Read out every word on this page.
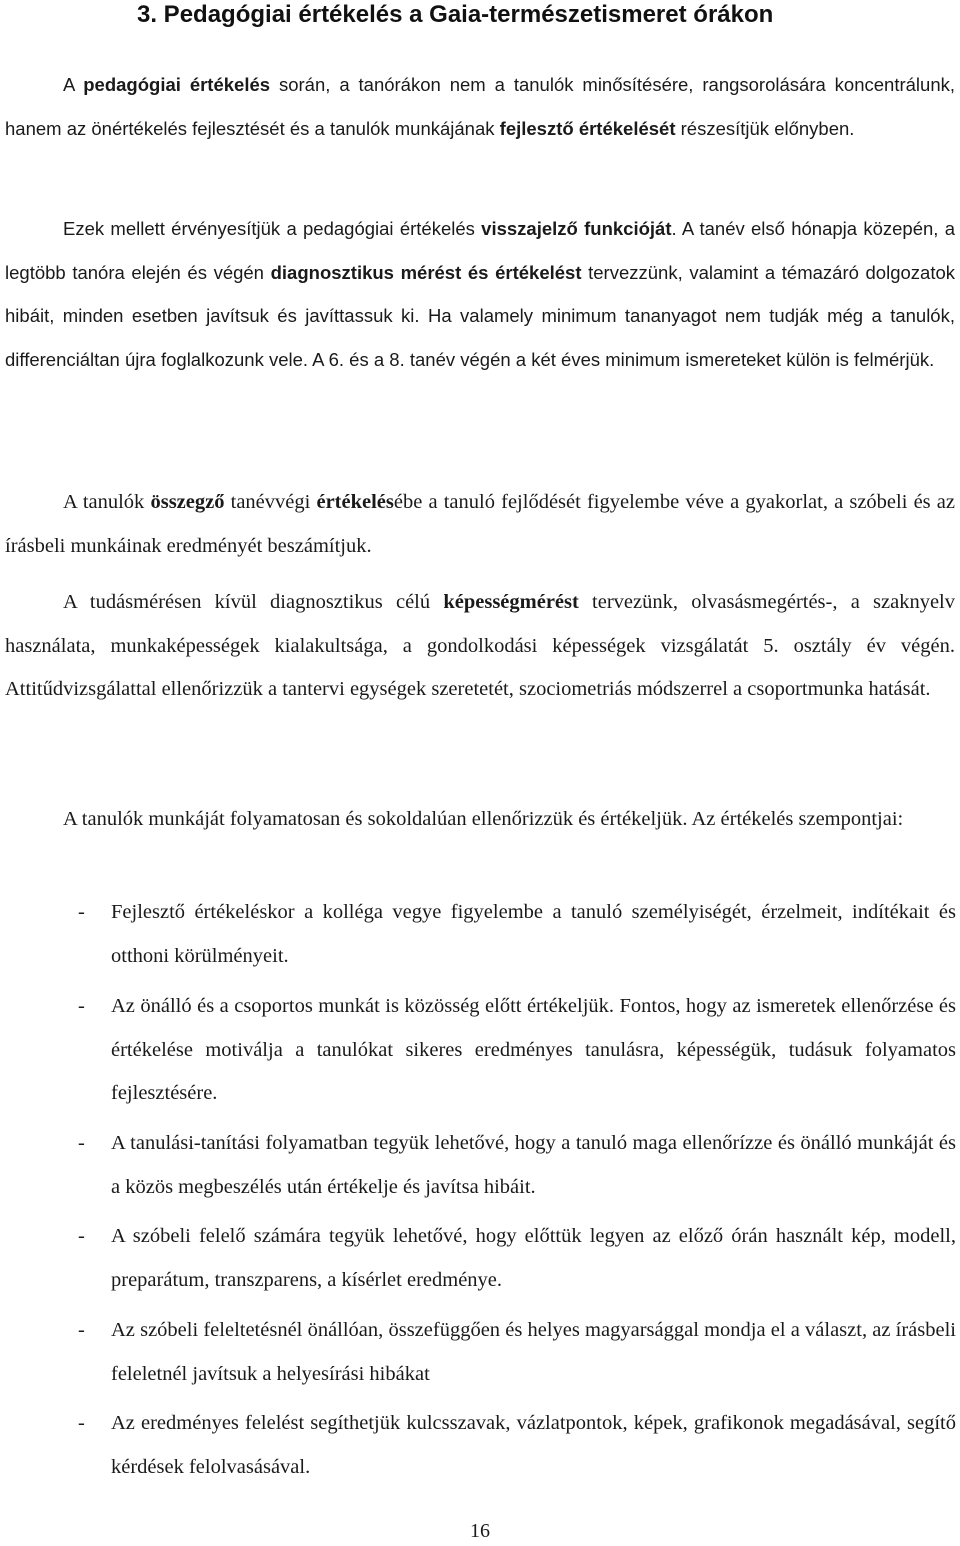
3. Pedagógiai értékelés a Gaia-természetismeret órákon

A pedagógiai értékelés során, a tanórákon nem a tanulók minősítésére, rangsorolására koncentrálunk, hanem az önértékelés fejlesztését és a tanulók munkájának fejlesztő értékelését részesítjük előnyben.

Ezek mellett érvényesítjük a pedagógiai értékelés visszajelző funkcióját. A tanév első hónapja közepén, a legtöbb tanóra elején és végén diagnosztikus mérést és értékelést tervezzünk, valamint a témazáró dolgozatok hibáit, minden esetben javítsuk és javíttassuk ki. Ha valamely minimum tananyagot nem tudják még a tanulók, differenciáltan újra foglalkozunk vele. A 6. és a 8. tanév végén a két éves minimum ismereteket külön is felmérjük.

A tanulók összegző tanévvégi értékelésébe a tanuló fejlődését figyelembe véve a gyakorlat, a szóbeli és az írásbeli munkáinak eredményét beszámítjuk.

A tudásmérésen kívül diagnosztikus célú képességmérést tervezünk, olvasásmegértés-, a szaknyelv használata, munkaképességek kialakultsága, a gondolkodási képességek vizsgálatát 5. osztály év végén. Attitűdvizsgálattal ellenőrizzük a tantervi egységek szeretetét, szociometriás módszerrel a csoportmunka hatását.

A tanulók munkáját folyamatosan és sokoldalúan ellenőrizzük és értékeljük. Az értékelés szempontjai:

- Fejlesztő értékeléskor a kolléga vegye figyelembe a tanuló személyiségét, érzelmeit, indítékait és otthoni körülményeit.
- Az önálló és a csoportos munkát is közösség előtt értékeljük. Fontos, hogy az ismeretek ellenőrzése és értékelése motiválja a tanulókat sikeres eredményes tanulásra, képességük, tudásuk folyamatos fejlesztésére.
- A tanulási-tanítási folyamatban tegyük lehetővé, hogy a tanuló maga ellenőrízze és önálló munkáját és a közös megbeszélés után értékelje és javítsa hibáit.
- A szóbeli felelő számára tegyük lehetővé, hogy előttük legyen az előző órán használt kép, modell, preparátum, transzparens, a kísérlet eredménye.
- Az szóbeli feleltetésnél önállóan, összefüggően és helyes magyarsággal mondja el a választ, az írásbeli feleletnél javítsuk a helyesírási hibákat
- Az eredményes felelést segíthetjük kulcsszavak, vázlatpontok, képek, grafikonok megadásával, segítő kérdések felolvasásával.
16
